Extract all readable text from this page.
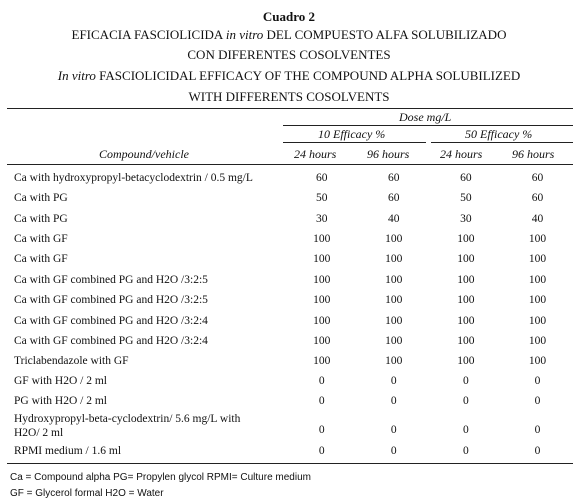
Cuadro 2
EFICACIA FASCIOLICIDA in vitro DEL COMPUESTO ALFA SOLUBILIZADO
CON DIFERENTES COSOLVENTES
In vitro FASCIOLICIDAL EFFICACY OF THE COMPOUND ALPHA SOLUBILIZED
WITH DIFFERENTS COSOLVENTS
Dose mg/L
10 Efficacy %	50 Efficacy %
Compound/vehicle	24 hours	96 hours	24 hours 96 hours
Ca with hydroxypropyl-betacyclodextrin / 0.5 mg/L	60	60	60	60
Ca with PG	50	60	50	60
Ca with PG	30	40	30	40
Ca with GF	100	100	100	100
Ca with GF	100	100	100	100
Ca with GF combined PG and H2O /3:2:5	100	100	100	100
Ca with GF combined PG and H2O /3:2:5	100	100	100	100
Ca with GF combined PG and H2O /3:2:4	100	100	100	100
Ca with GF combined PG and H2O /3:2:4	100	100	100	100
Triclabendazole with GF	100	100	100	100
GF with H2O / 2 ml	0	0	0	0
PG with H2O / 2 ml	0	0	0	0
Hydroxypropyl-beta-cyclodextrin/ 5.6 mg/L with
H2O/ 2 ml	0	0	0	0
RPMI medium / 1.6 ml	0	0	0	0
Ca = Compound alpha PG= Propylen glycol RPMI= Culture medium
GF = Glycerol formal H2O = Water
